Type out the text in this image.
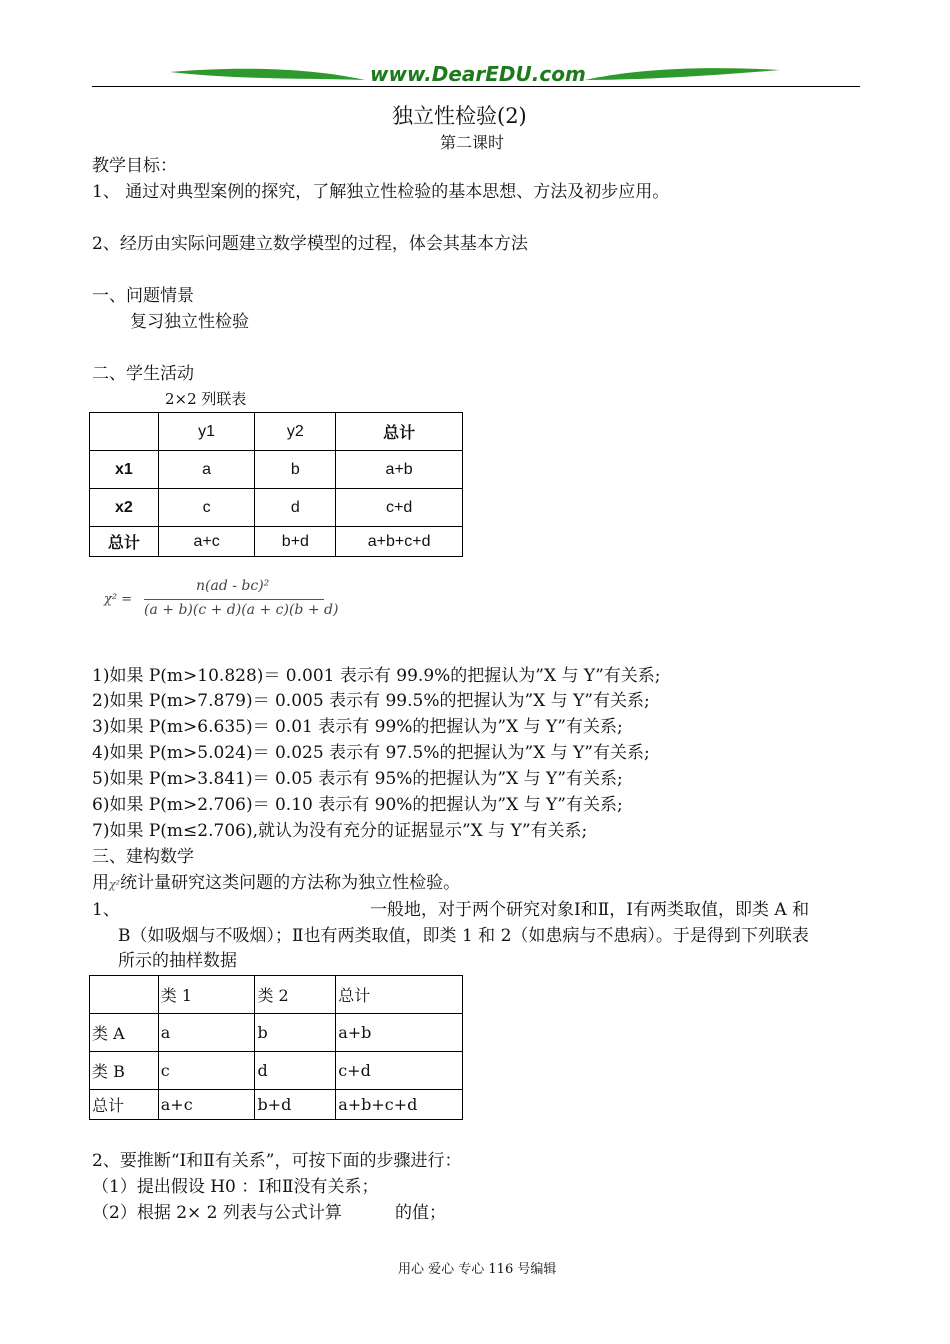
www.DearEDU.com
独立性检验(2)
第二课时
教学目标：
1、 通过对典型案例的探究，了解独立性检验的基本思想、方法及初步应用。
2、经历由实际问题建立数学模型的过程，体会其基本方法
一、问题情景
复习独立性检验
二、学生活动
2×2 列联表
	y1	y2	总计
x1	a	b	a+b
x2	c	d	c+d
总计	a+c	b+d	a+b+c+d
χ² =
n(ad - bc)²
(a + b)(c + d)(a + c)(b + d)
1)如果 P(m>10.828)＝ 0.001 表示有 99.9%的把握认为”X 与 Y”有关系;
2)如果 P(m>7.879)＝ 0.005 表示有 99.5%的把握认为”X 与 Y”有关系;
3)如果 P(m>6.635)＝ 0.01 表示有 99%的把握认为”X 与 Y”有关系;
4)如果 P(m>5.024)＝ 0.025 表示有 97.5%的把握认为”X 与 Y”有关系;
5)如果 P(m>3.841)＝ 0.05 表示有 95%的把握认为”X 与 Y”有关系;
6)如果 P(m>2.706)＝ 0.10 表示有 90%的把握认为”X 与 Y”有关系;
7)如果 P(m≤2.706),就认为没有充分的证据显示”X 与 Y”有关系;
三、建构数学
用χ²统计量研究这类问题的方法称为独立性检验。
1、	一般地，对于两个研究对象Ⅰ和Ⅱ，Ⅰ有两类取值，即类 A 和
B（如吸烟与不吸烟）；Ⅱ也有两类取值，即类 1 和 2（如患病与不患病）。于是得到下列联表
所示的抽样数据
	类 1	类 2	总计
类 A	a	b	a+b
类 B	c	d	c+d
总计	a+c	b+d	a+b+c+d
2、要推断“Ⅰ和Ⅱ有关系”，可按下面的步骤进行：
（1）提出假设 H0 ：Ⅰ和Ⅱ没有关系；
（2）根据 2× 2 列表与公式计算	的值；
用心 爱心 专心 116 号编辑
